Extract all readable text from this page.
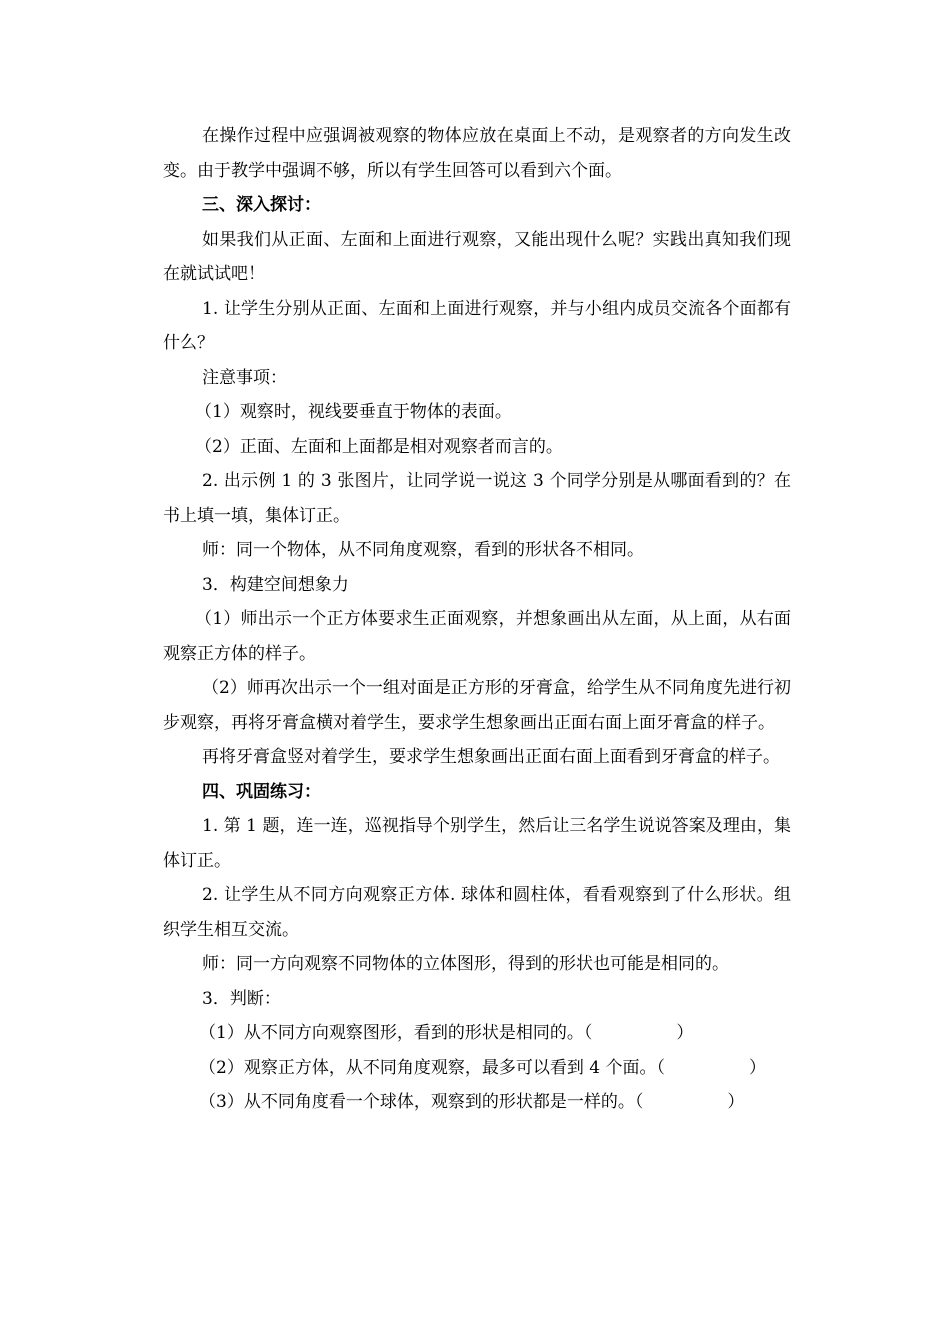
在操作过程中应强调被观察的物体应放在桌面上不动，是观察者的方向发生改变。由于教学中强调不够，所以有学生回答可以看到六个面。

三、深入探讨：

如果我们从正面、左面和上面进行观察，又能出现什么呢？实践出真知我们现在就试试吧！

1. 让学生分别从正面、左面和上面进行观察，并与小组内成员交流各个面都有什么？

注意事项：

（1）观察时，视线要垂直于物体的表面。

（2）正面、左面和上面都是相对观察者而言的。

2. 出示例 1 的 3 张图片，让同学说一说这 3 个同学分别是从哪面看到的？在书上填一填，集体订正。

师：同一个物体，从不同角度观察，看到的形状各不相同。

3．构建空间想象力

（1）师出示一个正方体要求生正面观察，并想象画出从左面，从上面，从右面观察正方体的样子。

（2）师再次出示一个一组对面是正方形的牙膏盒，给学生从不同角度先进行初步观察，再将牙膏盒横对着学生，要求学生想象画出正面右面上面牙膏盒的样子。

再将牙膏盒竖对着学生，要求学生想象画出正面右面上面看到牙膏盒的样子。

四、巩固练习：

1. 第 1 题，连一连，巡视指导个别学生，然后让三名学生说说答案及理由，集体订正。

2. 让学生从不同方向观察正方体. 球体和圆柱体，看看观察到了什么形状。组织学生相互交流。

师：同一方向观察不同物体的立体图形，得到的形状也可能是相同的。

3．判断：

（1）从不同方向观察图形，看到的形状是相同的。（	）

（2）观察正方体，从不同角度观察，最多可以看到 4 个面。（	）

（3）从不同角度看一个球体，观察到的形状都是一样的。（	）
